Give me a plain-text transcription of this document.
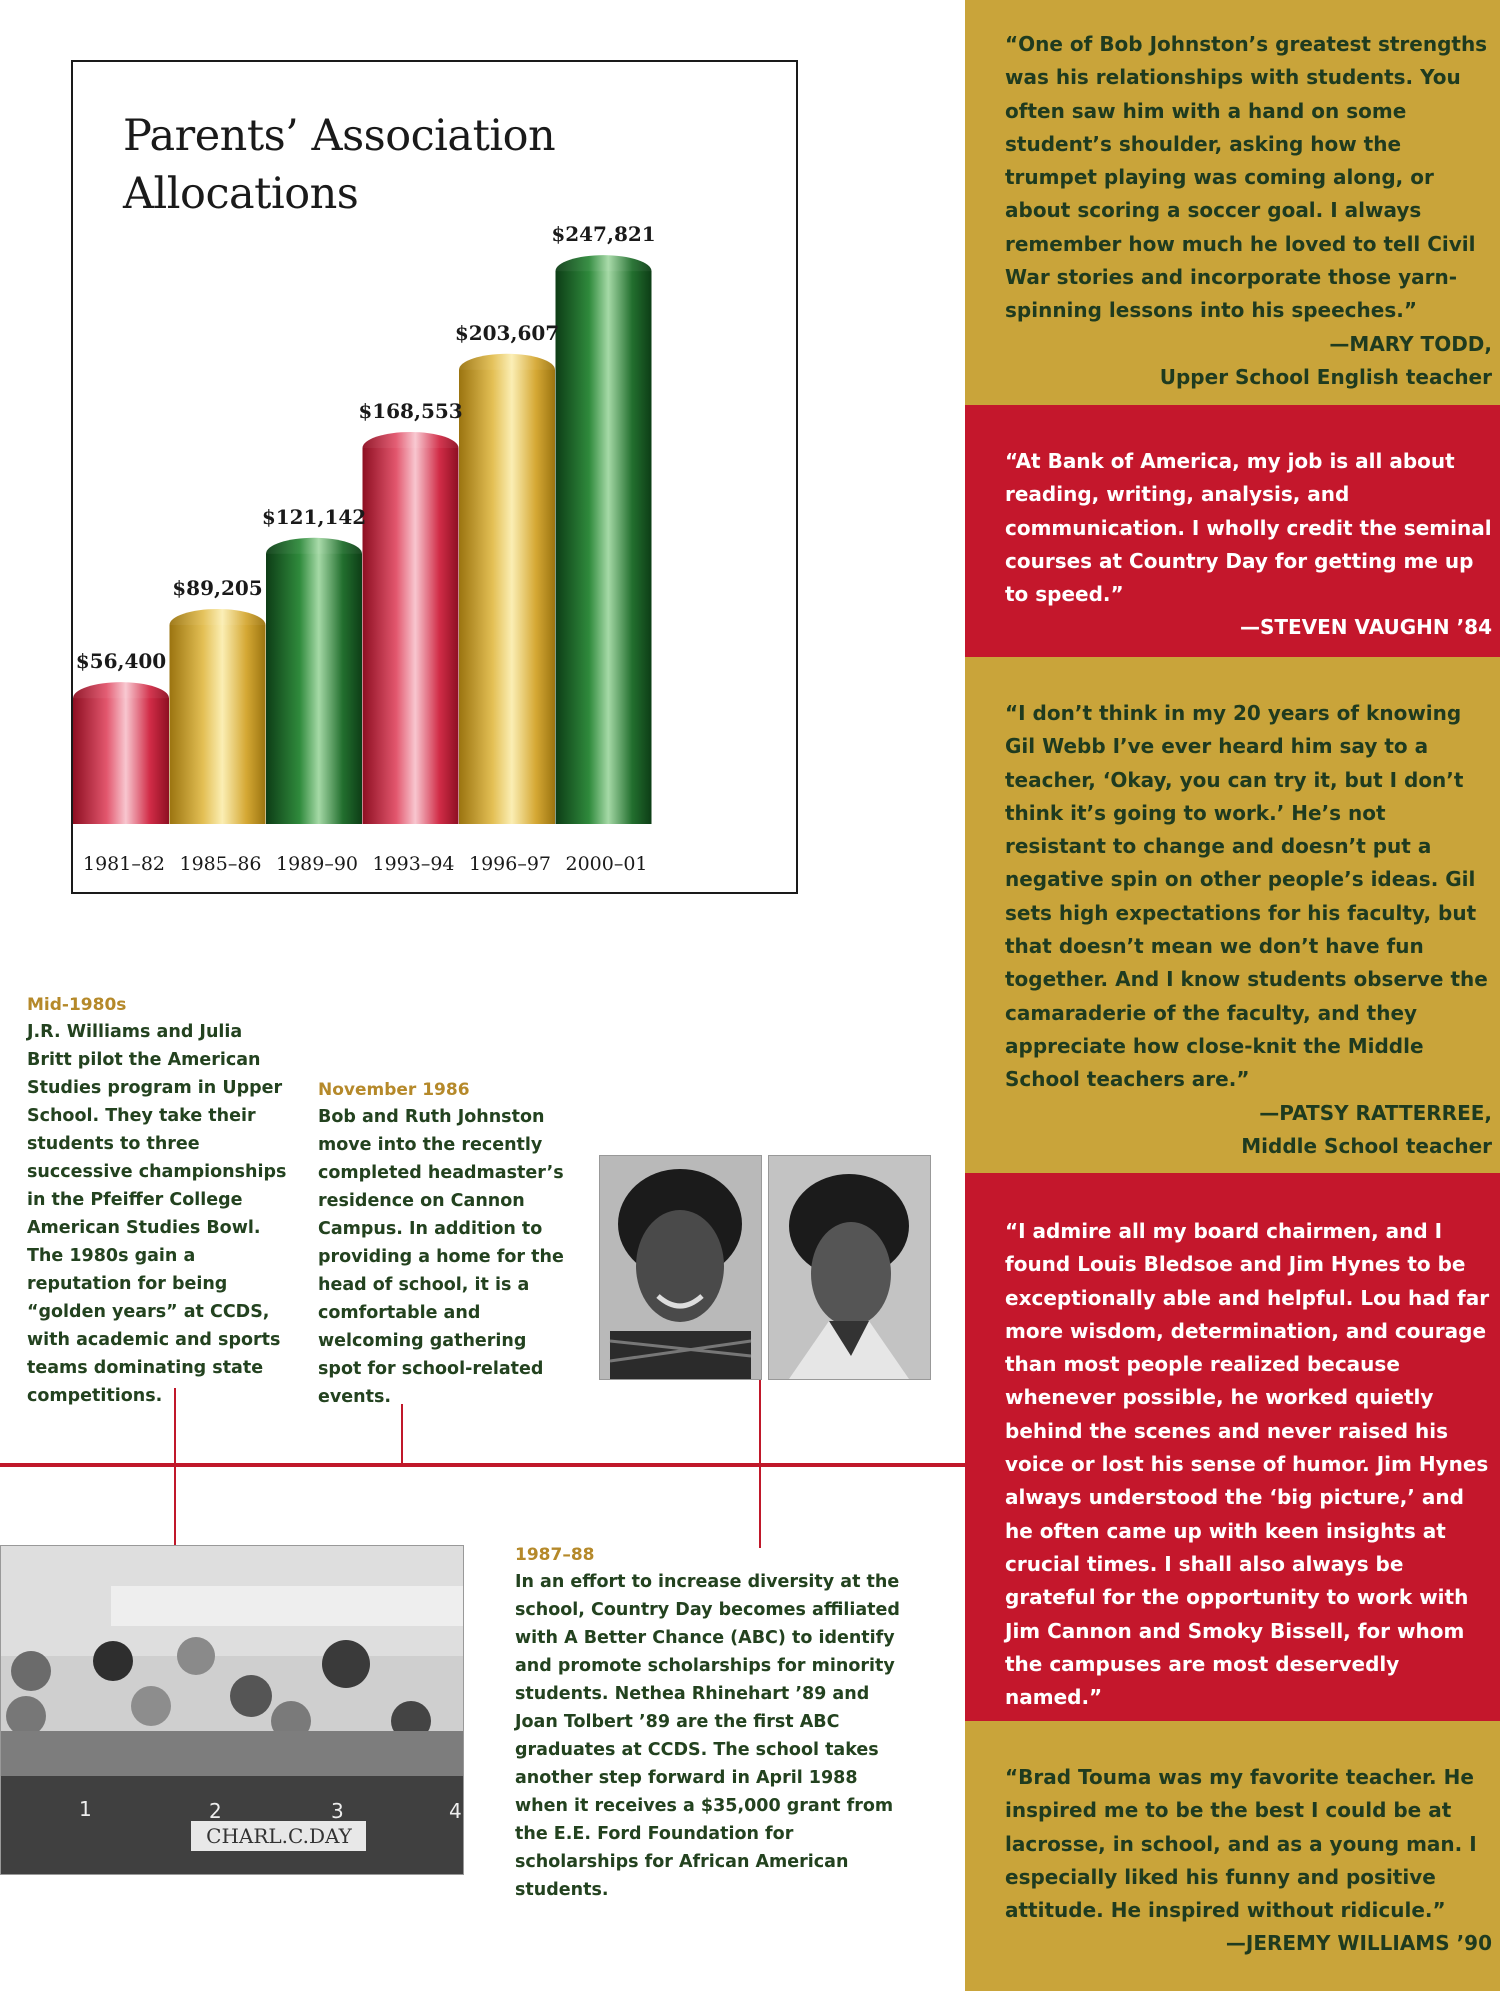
$56,400
1981–82
$89,205
1985–86
$121,142
1989–90
$168,553
1993–94
$203,607
1996–97
$247,821
2000–01
Parents’ Association
Allocations

Mid-1980s

J.R. Williams and Julia Britt pilot the American Studies program in Upper School. They take their students to three successive championships in the Pfeiffer College American Studies Bowl. The 1980s gain a reputation for being “golden years” at CCDS, with academic and sports teams dominating state competitions.

November 1986

Bob and Ruth Johnston move into the recently completed headmaster’s residence on Cannon Campus. In addition to providing a home for the head of school, it is a comfortable and welcoming gathering spot for school-related events.

1987–88

In an effort to increase diversity at the school, Country Day becomes affiliated with A Better Chance (ABC) to identify and promote scholarships for minority students. Nethea Rhinehart ’89 and Joan Tolbert ’89 are the first ABC graduates at CCDS. The school takes another step forward in April 1988 when it receives a $35,000 grant from the E.E. Ford Foundation for scholarships for African American students.

CHARL.C.DAY
1	2	3	4

“One of Bob Johnston’s greatest strengths was his relationships with students. You often saw him with a hand on some student’s shoulder, asking how the trumpet playing was coming along, or about scoring a soccer goal. I always remember how much he loved to tell Civil War stories and incorporate those yarn-spinning lessons into his speeches.”

—MARY TODD,

Upper School English teacher

“At Bank of America, my job is all about reading, writing, analysis, and communication. I wholly credit the seminal courses at Country Day for getting me up to speed.”

—STEVEN VAUGHN ’84

“I don’t think in my 20 years of knowing Gil Webb I’ve ever heard him say to a teacher, ‘Okay, you can try it, but I don’t think it’s going to work.’ He’s not resistant to change and doesn’t put a negative spin on other people’s ideas. Gil sets high expectations for his faculty, but that doesn’t mean we don’t have fun together. And I know students observe the camaraderie of the faculty, and they appreciate how close-knit the Middle School teachers are.”

—PATSY RATTERREE,

Middle School teacher

“I admire all my board chairmen, and I found Louis Bledsoe and Jim Hynes to be exceptionally able and helpful. Lou had far more wisdom, determination, and courage than most people realized because whenever possible, he worked quietly behind the scenes and never raised his voice or lost his sense of humor. Jim Hynes always understood the ‘big picture,’ and he often came up with keen insights at crucial times. I shall also always be grateful for the opportunity to work with Jim Cannon and Smoky Bissell, for whom the campuses are most deservedly named.”

“Brad Touma was my favorite teacher. He inspired me to be the best I could be at lacrosse, in school, and as a young man. I especially liked his funny and positive attitude. He inspired without ridicule.”

—JEREMY WILLIAMS ’90
